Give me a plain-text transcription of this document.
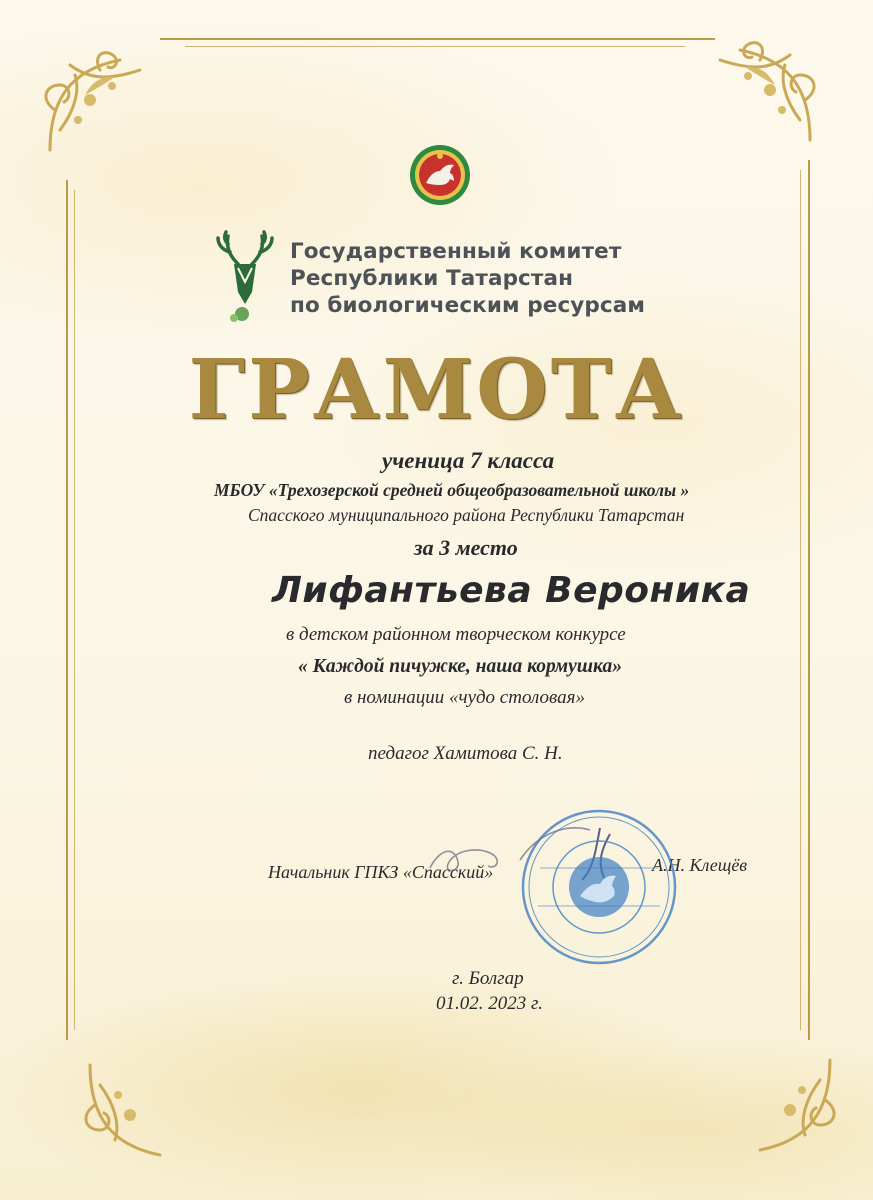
Государственный комитет
Республики Татарстан
по биологическим ресурсам
ГРАМОТА
ученица 7 класса
МБОУ «Трехозерской средней общеобразовательной школы »
Спасского муниципального района Республики Татарстан
за 3 место
Лифантьева Вероника
в детском районном творческом конкурсе
« Каждой пичужке, наша кормушка»
в номинации «чудо столовая»
педагог Хамитова С. Н.
Начальник ГПКЗ «Спасский»	А.Н. Клещёв
г. Болгар
01.02. 2023 г.
